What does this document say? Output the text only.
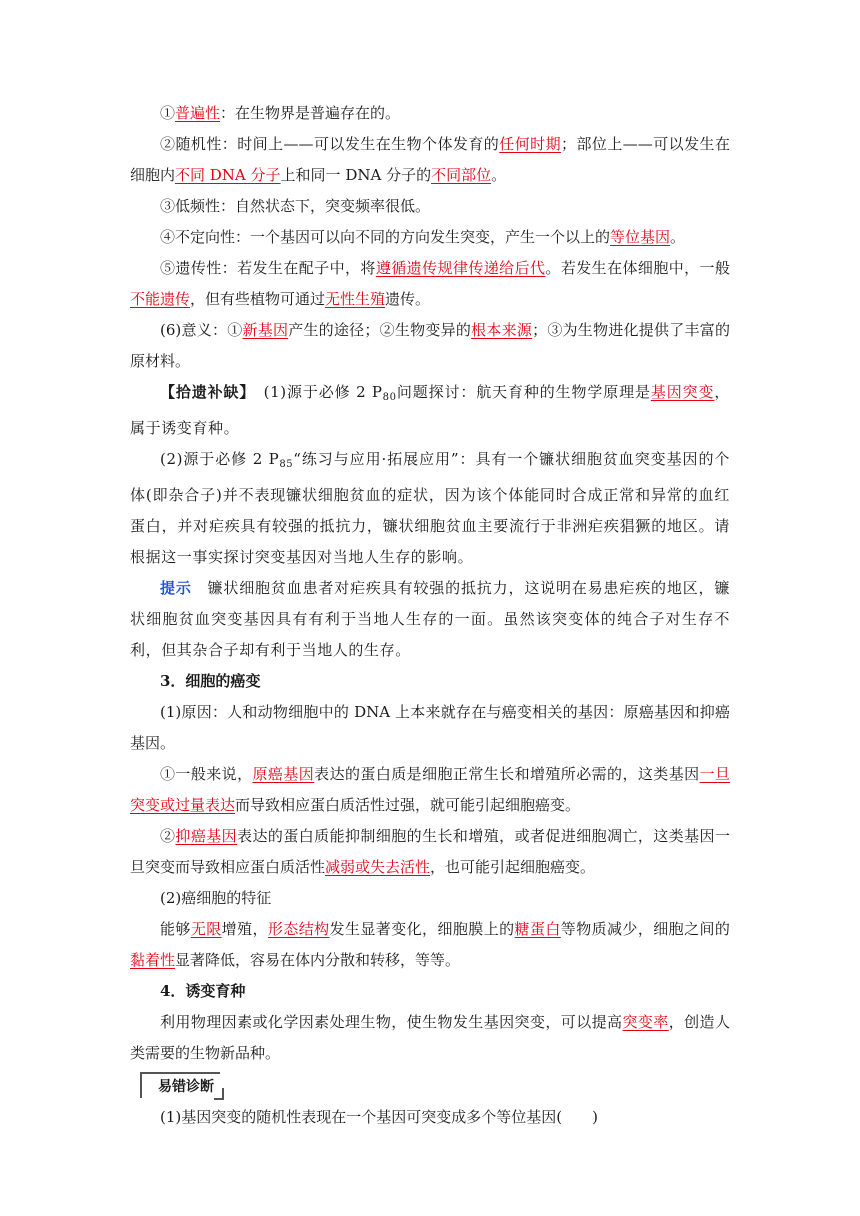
①普遍性：在生物界是普遍存在的。

②随机性：时间上——可以发生在生物个体发育的任何时期；部位上——可以发生在细胞内不同 DNA 分子上和同一 DNA 分子的不同部位。

③低频性：自然状态下，突变频率很低。

④不定向性：一个基因可以向不同的方向发生突变，产生一个以上的等位基因。

⑤遗传性：若发生在配子中，将遵循遗传规律传递给后代。若发生在体细胞中，一般不能遗传，但有些植物可通过无性生殖遗传。

(6)意义：①新基因产生的途径；②生物变异的根本来源；③为生物进化提供了丰富的原材料。

【拾遗补缺】　 (1)源于必修 2 $P_{80}$问题探讨：航天育种的生物学原理是基因突变，属于诱变育种。

(2)源于必修 2 $P_{85}“$练习与应用·拓展应用”：具有一个镰状细胞贫血突变基因的个体(即杂合子)并不表现镰状细胞贫血的症状，因为该个体能同时合成正常和异常的血红蛋白，并对疟疾具有较强的抵抗力，镰状细胞贫血主要流行于非洲疟疾猖獗的地区。请根据这一事实探讨突变基因对当地人生存的影响。

提示　 镰状细胞贫血患者对疟疾具有较强的抵抗力，这说明在易患疟疾的地区，镰状细胞贫血突变基因具有有利于当地人生存的一面。虽然该突变体的纯合子对生存不利，但其杂合子却有利于当地人的生存。

3．细胞的癌变

(1)原因：人和动物细胞中的 DNA 上本来就存在与癌变相关的基因：原癌基因和抑癌基因。

①一般来说，原癌基因表达的蛋白质是细胞正常生长和增殖所必需的，这类基因一旦突变或过量表达而导致相应蛋白质活性过强，就可能引起细胞癌变。

②抑癌基因表达的蛋白质能抑制细胞的生长和增殖，或者促进细胞凋亡，这类基因一旦突变而导致相应蛋白质活性减弱或失去活性，也可能引起细胞癌变。

(2)癌细胞的特征

能够无限增殖，形态结构发生显著变化，细胞膜上的糖蛋白等物质减少，细胞之间的黏着性显著降低，容易在体内分散和转移，等等。

4．诱变育种

利用物理因素或化学因素处理生物，使生物发生基因突变，可以提高突变率，创造人类需要的生物新品种。

易错诊断

(1)基因突变的随机性表现在一个基因可突变成多个等位基因(　　)
